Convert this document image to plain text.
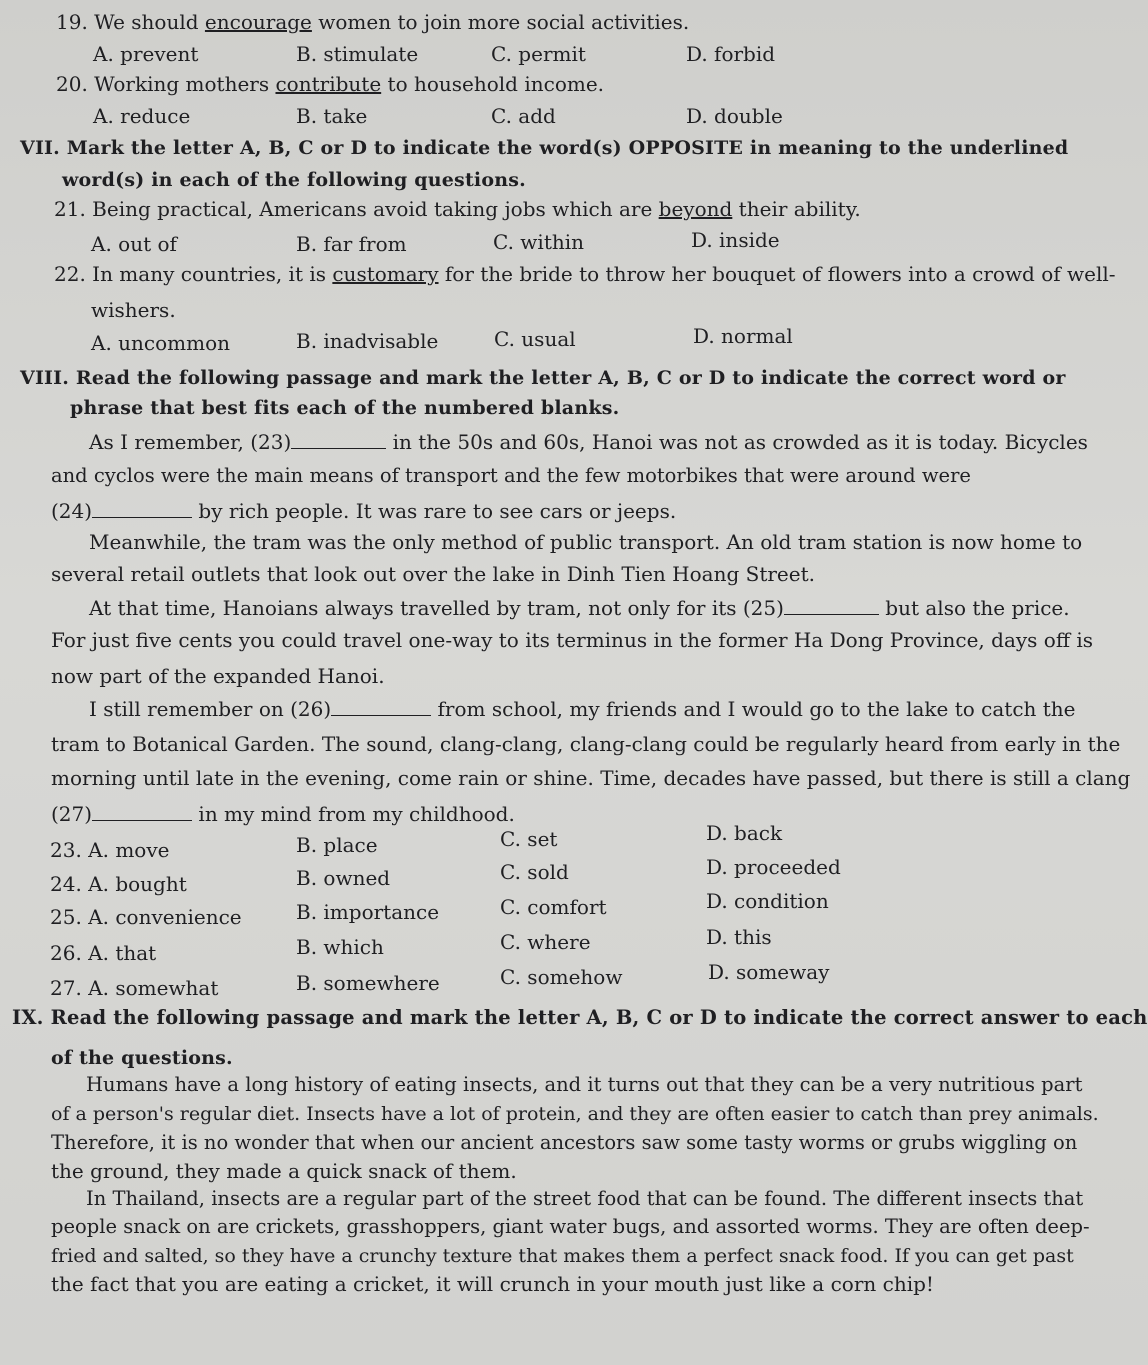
19. We should encourage women to join more social activities.
A. prevent	B. stimulate	C. permit	D. forbid
20. Working mothers contribute to household income.
A. reduce	B. take	C. add	D. double
VII. Mark the letter A, B, C or D to indicate the word(s) OPPOSITE in meaning to the underlined
word(s) in each of the following questions.
21. Being practical, Americans avoid taking jobs which are beyond their ability.
A. out of	B. far from	C. within	D. inside
22. In many countries, it is customary for the bride to throw her bouquet of flowers into a crowd of well-
wishers.
A. uncommon	B. inadvisable	C. usual	D. normal
VIII. Read the following passage and mark the letter A, B, C or D to indicate the correct word or
phrase that best fits each of the numbered blanks.
As I remember, (23)	in the 50s and 60s, Hanoi was not as crowded as it is today. Bicycles
and cyclos were the main means of transport and the few motorbikes that were around were
(24)	by rich people. It was rare to see cars or jeeps.
Meanwhile, the tram was the only method of public transport. An old tram station is now home to
several retail outlets that look out over the lake in Dinh Tien Hoang Street.
At that time, Hanoians always travelled by tram, not only for its (25)	but also the price.
For just five cents you could travel one-way to its terminus in the former Ha Dong Province, days off is
now part of the expanded Hanoi.
I still remember on (26)	from school, my friends and I would go to the lake to catch the
tram to Botanical Garden. The sound, clang-clang, clang-clang could be regularly heard from early in the
morning until late in the evening, come rain or shine. Time, decades have passed, but there is still a clang
(27)	in my mind from my childhood.
23. A. move	B. place	C. set	D. back
24. A. bought	B. owned	C. sold	D. proceeded
25. A. convenience	B. importance	C. comfort	D. condition
26. A. that	B. which	C. where	D. this
27. A. somewhat	B. somewhere	C. somehow	D. someway
IX. Read the following passage and mark the letter A, B, C or D to indicate the correct answer to each
of the questions.
Humans have a long history of eating insects, and it turns out that they can be a very nutritious part
of a person's regular diet. Insects have a lot of protein, and they are often easier to catch than prey animals.
Therefore, it is no wonder that when our ancient ancestors saw some tasty worms or grubs wiggling on
the ground, they made a quick snack of them.
In Thailand, insects are a regular part of the street food that can be found. The different insects that
people snack on are crickets, grasshoppers, giant water bugs, and assorted worms. They are often deep-
fried and salted, so they have a crunchy texture that makes them a perfect snack food. If you can get past
the fact that you are eating a cricket, it will crunch in your mouth just like a corn chip!
